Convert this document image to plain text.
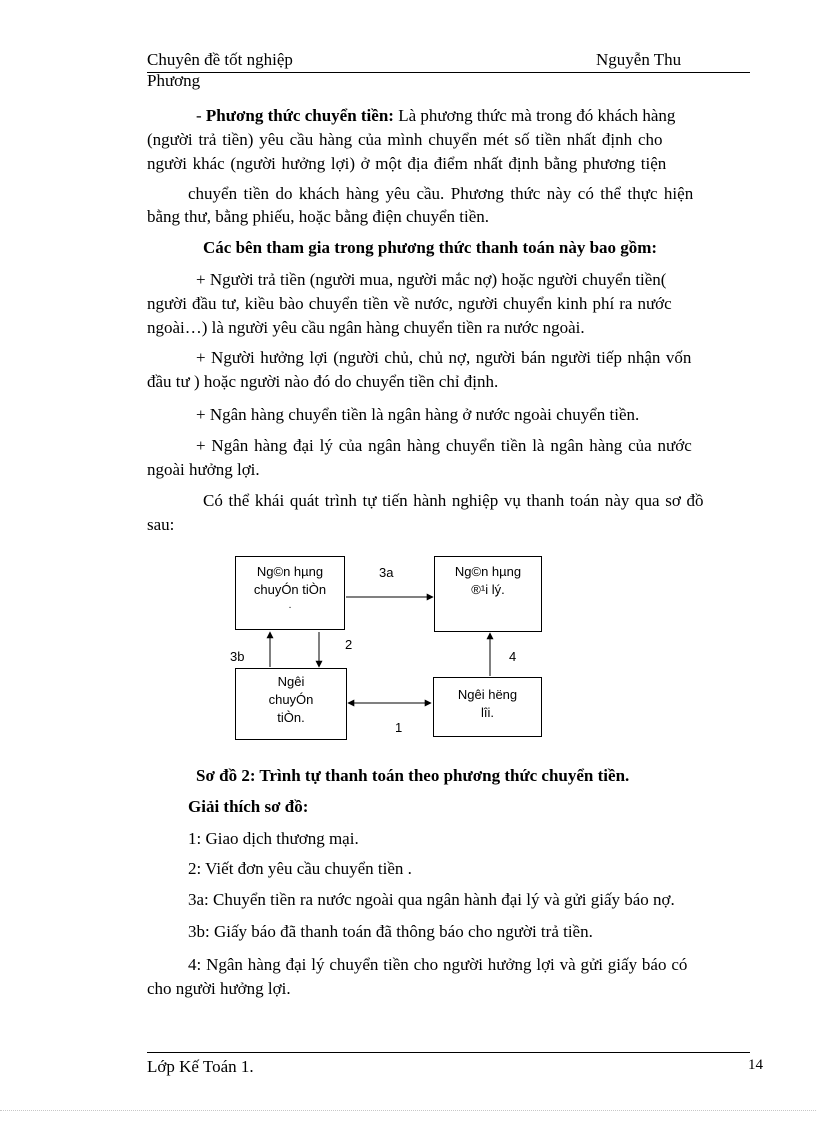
Chuyên đề tốt nghiệp	Nguyễn Thu
Phương
- Phương thức chuyển tiền: Là phương thức mà trong đó khách hàng
(người trả tiền) yêu cầu hàng của mình chuyển mét số tiền nhất định cho
người khác (người hưởng lợi) ở một địa điểm nhất định bằng phương tiện
chuyển tiền do khách hàng yêu cầu. Phương thức này có thể thực hiện
bằng thư, bằng phiếu, hoặc bằng điện chuyển tiền.
Các bên tham gia trong phương thức thanh toán này bao gồm:
+ Người trả tiền (người mua, người mắc nợ) hoặc người chuyển tiền(
người đầu tư, kiều bào chuyển tiền về nước, người chuyển kinh phí ra nước
ngoài…) là người yêu cầu ngân hàng chuyển tiền ra nước ngoài.
+ Người hưởng lợi (người chủ, chủ nợ, người bán người tiếp nhận vốn
đầu tư ) hoặc người nào đó do chuyển tiền chỉ định.
+ Ngân hàng chuyển tiền là ngân hàng ở nước ngoài chuyển tiền.
+ Ngân hàng đại lý của ngân hàng chuyển tiền là ngân hàng của nước
ngoài hưởng lợi.
Có thể khái quát trình tự tiến hành nghiệp vụ thanh toán này qua sơ đồ
sau:
Ng©n hµng
chuyÓn tiÒn
.
Ng©n hµng
®¹i lý.
Ngêi
chuyÓn
tiÒn.
Ngêi hëng
lîi.
3a
3b
2
4
1
Sơ đồ 2: Trình tự thanh toán theo phương thức chuyển tiền.
Giải thích sơ đồ:
1: Giao dịch thương mại.
2: Viết đơn yêu cầu chuyển tiền .
3a: Chuyển tiền ra nước ngoài qua ngân hành đại lý và gửi giấy báo nợ.
3b: Giấy báo đã thanh toán đã thông báo cho người trả tiền.
4: Ngân hàng đại lý chuyển tiền cho người hưởng lợi và gửi giấy báo có
cho người hưởng lợi.
Lớp Kế Toán 1.	14
